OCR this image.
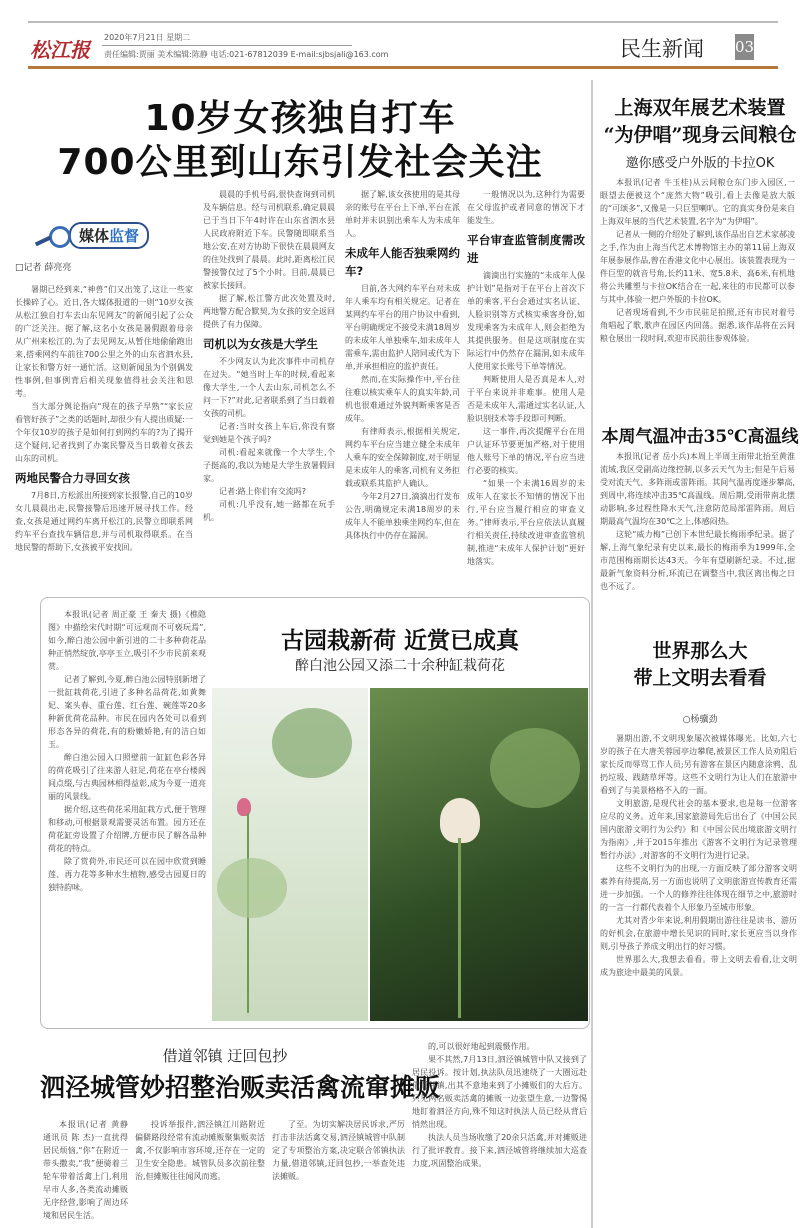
松江报
2020年7月21日 星期二
责任编辑:贾丽 美术编辑:陈静 电话:021-67812039 E-mail:sjbsjali@163.com	民生新闻 03
10岁女孩独自打车
700公里到山东引发社会关注
媒体监督
□记者 薛亮亮

暑期已经到来,“神兽”们又出笼了,这让一些家长操碎了心。近日,各大媒体报道的一则“10岁女孩从松江独自打车去山东见网友”的新闻引起了公众的广泛关注。据了解,这名小女孩是暑假跟着母亲从广州来松江的,为了去见网友,从暂住地偷偷跑出来,搭乘网约车前往700公里之外的山东省泗水县,让家长和警方好一通忙活。这则新闻虽为个别偶发性事例,但事例背后相关现象值得社会关注和思考。

当大部分舆论指向“现在的孩子早熟”“家长应看管好孩子”之类的话题时,却很少有人提出质疑:一个年仅10岁的孩子是如何打到网约车的?为了揭开这个疑问,记者找到了办案民警及当日载着女孩去山东的司机。

两地民警合力寻回女孩

7月8日,方松派出所接到家长报警,自己的10岁女儿晨晨出走,民警接警后迅速开展寻找工作。经查,女孩是通过网约车离开松江的,民警立即联系网约车平台查找车辆信息,并与司机取得联系。在当地民警的帮助下,女孩被平安找回。

晨晨的手机号码,很快查询到司机及车辆信息。经与司机联系,确定晨晨已于当日下午4时许在山东省泗水县人民政府附近下车。民警随即联系当地公安,在对方协助下很快在晨晨网友的住处找到了晨晨。此时,距离松江民警接警仅过了5个小时。目前,晨晨已被家长接回。

据了解,松江警方此次处置及时,两地警方配合默契,为女孩的安全返回提供了有力保障。

司机以为女孩是大学生

不少网友认为此次事件中司机存在过失。“她当时上车的时候,看起来像大学生,一个人去山东,司机怎么不问一下?”对此,记者联系到了当日载着女孩的司机。

记者:当时女孩上车后,你没有察觉到她是个孩子吗?

司机:看起来就像一个大学生,个子挺高的,我以为她是大学生放暑假回家。

记者:路上你们有交流吗?

司机:几乎没有,她一路都在玩手机。

据了解,该女孩使用的是其母亲的账号在平台上下单,平台在派单时并未识别出乘车人为未成年人。

未成年人能否独乘网约车?

目前,各大网约车平台对未成年人乘车均有相关规定。记者在某网约车平台的用户协议中看到,平台明确规定不接受未满18周岁的未成年人单独乘车,如未成年人需乘车,需由监护人陪同或代为下单,并承担相应的监护责任。

然而,在实际操作中,平台往往难以核实乘车人的真实年龄,司机也很难通过外貌判断乘客是否成年。

有律师表示,根据相关规定,网约车平台应当建立健全未成年人乘车的安全保障制度,对于明显是未成年人的乘客,司机有义务拒载或联系其监护人确认。

今年2月27日,滴滴出行发布公告,明确规定未满18周岁的未成年人不能单独乘坐网约车,但在具体执行中仍存在漏洞。

一般情况以为,这种行为需要在父母监护或者同意的情况下才能发生。

平台审查监管制度需改进

滴滴出行实施的“未成年人保护计划”是指对于在平台上首次下单的乘客,平台会通过实名认证、人脸识别等方式核实乘客身份,如发现乘客为未成年人,则会拒绝为其提供服务。但是这项制度在实际运行中仍然存在漏洞,如未成年人使用家长账号下单等情况。

判断使用人是否真是本人,对于平台来说并非难事。使用人是否是未成年人,需通过实名认证,人脸识别技术等手段即可判断。

这一事件,再次提醒平台在用户认证环节要更加严格,对于使用他人账号下单的情况,平台应当进行必要的核实。

“如果一个未满16周岁的未成年人在家长不知情的情况下出行,平台应当履行相应的审查义务。”律师表示,平台应依法认真履行相关责任,持续改进审查监管机制,推进“未成年人保护计划”更好地落实。

上海双年展艺术装置
“为伊唱”现身云间粮仓
邀你感受户外版的卡拉OK

本报讯(记者 牛玉桂)从云间粮仓东门步入园区,一眼望去便被这个“庞然大物”吸引,看上去像是放大版的“可颂多”,又像是一只巨型喇叭。它的真实身份是来自上海双年展的当代艺术装置,名字为“为伊唱”。

记者从一侧的介绍处了解到,该作品出自艺术家郝凌之手,作为由上海当代艺术博物馆主办的第11届上海双年展参展作品,曾在香港文化中心展出。该装置表现为一件巨型的就音号角,长约11米、宽5.8米、高6米,有机地将公共雕塑与卡拉OK结合在一起,来往的市民都可以参与其中,体验一把户外版的卡拉OK。

记者现场看到,不少市民驻足拍照,还有市民对着号角唱起了歌,歌声在园区内回荡。据悉,该作品将在云间粮仓展出一段时间,欢迎市民前往参观体验。

本周气温冲击35℃高温线

本报讯(记者 岳小兵)本周上半周主雨带北抬至黄淮流域,我区受副高边缘控制,以多云天气为主;但是午后易受对流天气、多阵雨或雷阵雨。其间气温再度逐步攀高,到周中,将连续冲击35℃高温线。周后期,受雨带南北摆动影响,多过程性降水天气,注意防范局部雷阵雨。周后期最高气温均在30℃之上,体感闷热。

这轮“威力梅”已创下本世纪最长梅雨季纪录。据了解,上海气象纪录有史以来,最长的梅雨季为1999年,全市范围梅雨期长达43天。今年有望刷新纪录。不过,据最新气象资料分析,环流已在调整当中,我区离出梅之日也不远了。

世界那么大
带上文明去看看
○杨骥劲

暑期出游,不文明现象屡次被媒体曝光。比如,六七岁的孩子在大唐芙蓉园亭边攀爬,被景区工作人员劝阻后家长反而辱骂工作人员;另有游客在景区内随意涂鸦、乱扔垃圾、践踏草坪等。这些不文明行为让人们在旅游中看到了与美景格格不入的一面。

文明旅游,是现代社会的基本要求,也是每一位游客应尽的义务。近年来,国家旅游局先后出台了《中国公民国内旅游文明行为公约》和《中国公民出境旅游文明行为指南》,并于2015年推出《游客不文明行为记录管理暂行办法》,对游客的不文明行为进行记录。

这些不文明行为的出现,一方面反映了部分游客文明素养有待提高,另一方面也说明了文明旅游宣传教育还需进一步加强。一个人的修养往往体现在细节之中,旅游时的一言一行都代表着个人形象乃至城市形象。

尤其对青少年来说,利用假期出游往往是读书、游历的好机会,在旅游中增长见识的同时,家长更应当以身作则,引导孩子养成文明出行的好习惯。

世界那么大,我想去看看。带上文明去看看,让文明成为旅途中最美的风景。

本报讯(记者 周正豪 王 秦夫 摄)《樵隐图》中描绘宋代时期“可远观而不可亵玩焉”,如今,醉白池公园中新引进的二十多种荷花品种正悄然绽放,亭亭玉立,吸引不少市民前来观赏。

记者了解到,今夏,醉白池公园特别新增了一批缸栽荷花,引进了多种名品荷花,如黄舞妃、案头春、重台莲、红台莲、碗莲等20多种新优荷花品种。市民在园内各处可以看到形态各异的荷花,有的粉嫩娇艳,有的洁白如玉。

醉白池公园入口照壁前一缸缸色彩各异的荷花吸引了往来游人驻足,荷花在亭台楼阁间点缀,与古典园林相得益彰,成为今夏一道亮丽的风景线。

据介绍,这些荷花采用缸栽方式,便于管理和移动,可根据景观需要灵活布置。园方还在荷花缸旁设置了介绍牌,方便市民了解各品种荷花的特点。

除了赏荷外,市民还可以在园中欣赏到睡莲、再力花等多种水生植物,感受古园夏日的独特韵味。

古园栽新荷 近赏已成真
醉白池公园又添二十余种缸栽荷花
借道邻镇 迂回包抄
泗泾城管妙招整治贩卖活禽流窜摊贩

本报讯(记者 黄静 通讯员 陈 杰)一直扰得居民烦恼,“你”在附近一带头撒卖,“我”便骑着三轮车带着活禽上门,利用早市人多,各类流动摊贩无序经营,影响了周边环境和居民生活。

投诉举报件,泗泾镇江川路附近偏僻路段经常有流动摊贩聚集贩卖活禽,不仅影响市容环境,还存在一定的卫生安全隐患。城管队员多次前往整治,但摊贩往往闻风而逃。

了至。为切实解决居民诉求,严厉打击非法活禽交易,泗泾镇城管中队制定了专项整治方案,决定联合邻镇执法力量,借道邻镇,迂回包抄,一举查处违法摊贩。

的,可以很好地起到震慑作用。

果不其然,7月13日,泗泾镇城管中队又接到了居民投诉。按计划,执法队员迅速绕了一大圈远赴借道邻镇,出其不意地来到了小摊贩们的大后方。只见两名贩卖活禽的摊贩一边张望生意,一边警惕地盯着泗泾方向,殊不知这时执法人员已经从背后悄然出现。

执法人员当场收缴了20余只活禽,并对摊贩进行了批评教育。接下来,泗泾城管将继续加大巡查力度,巩固整治成果。
